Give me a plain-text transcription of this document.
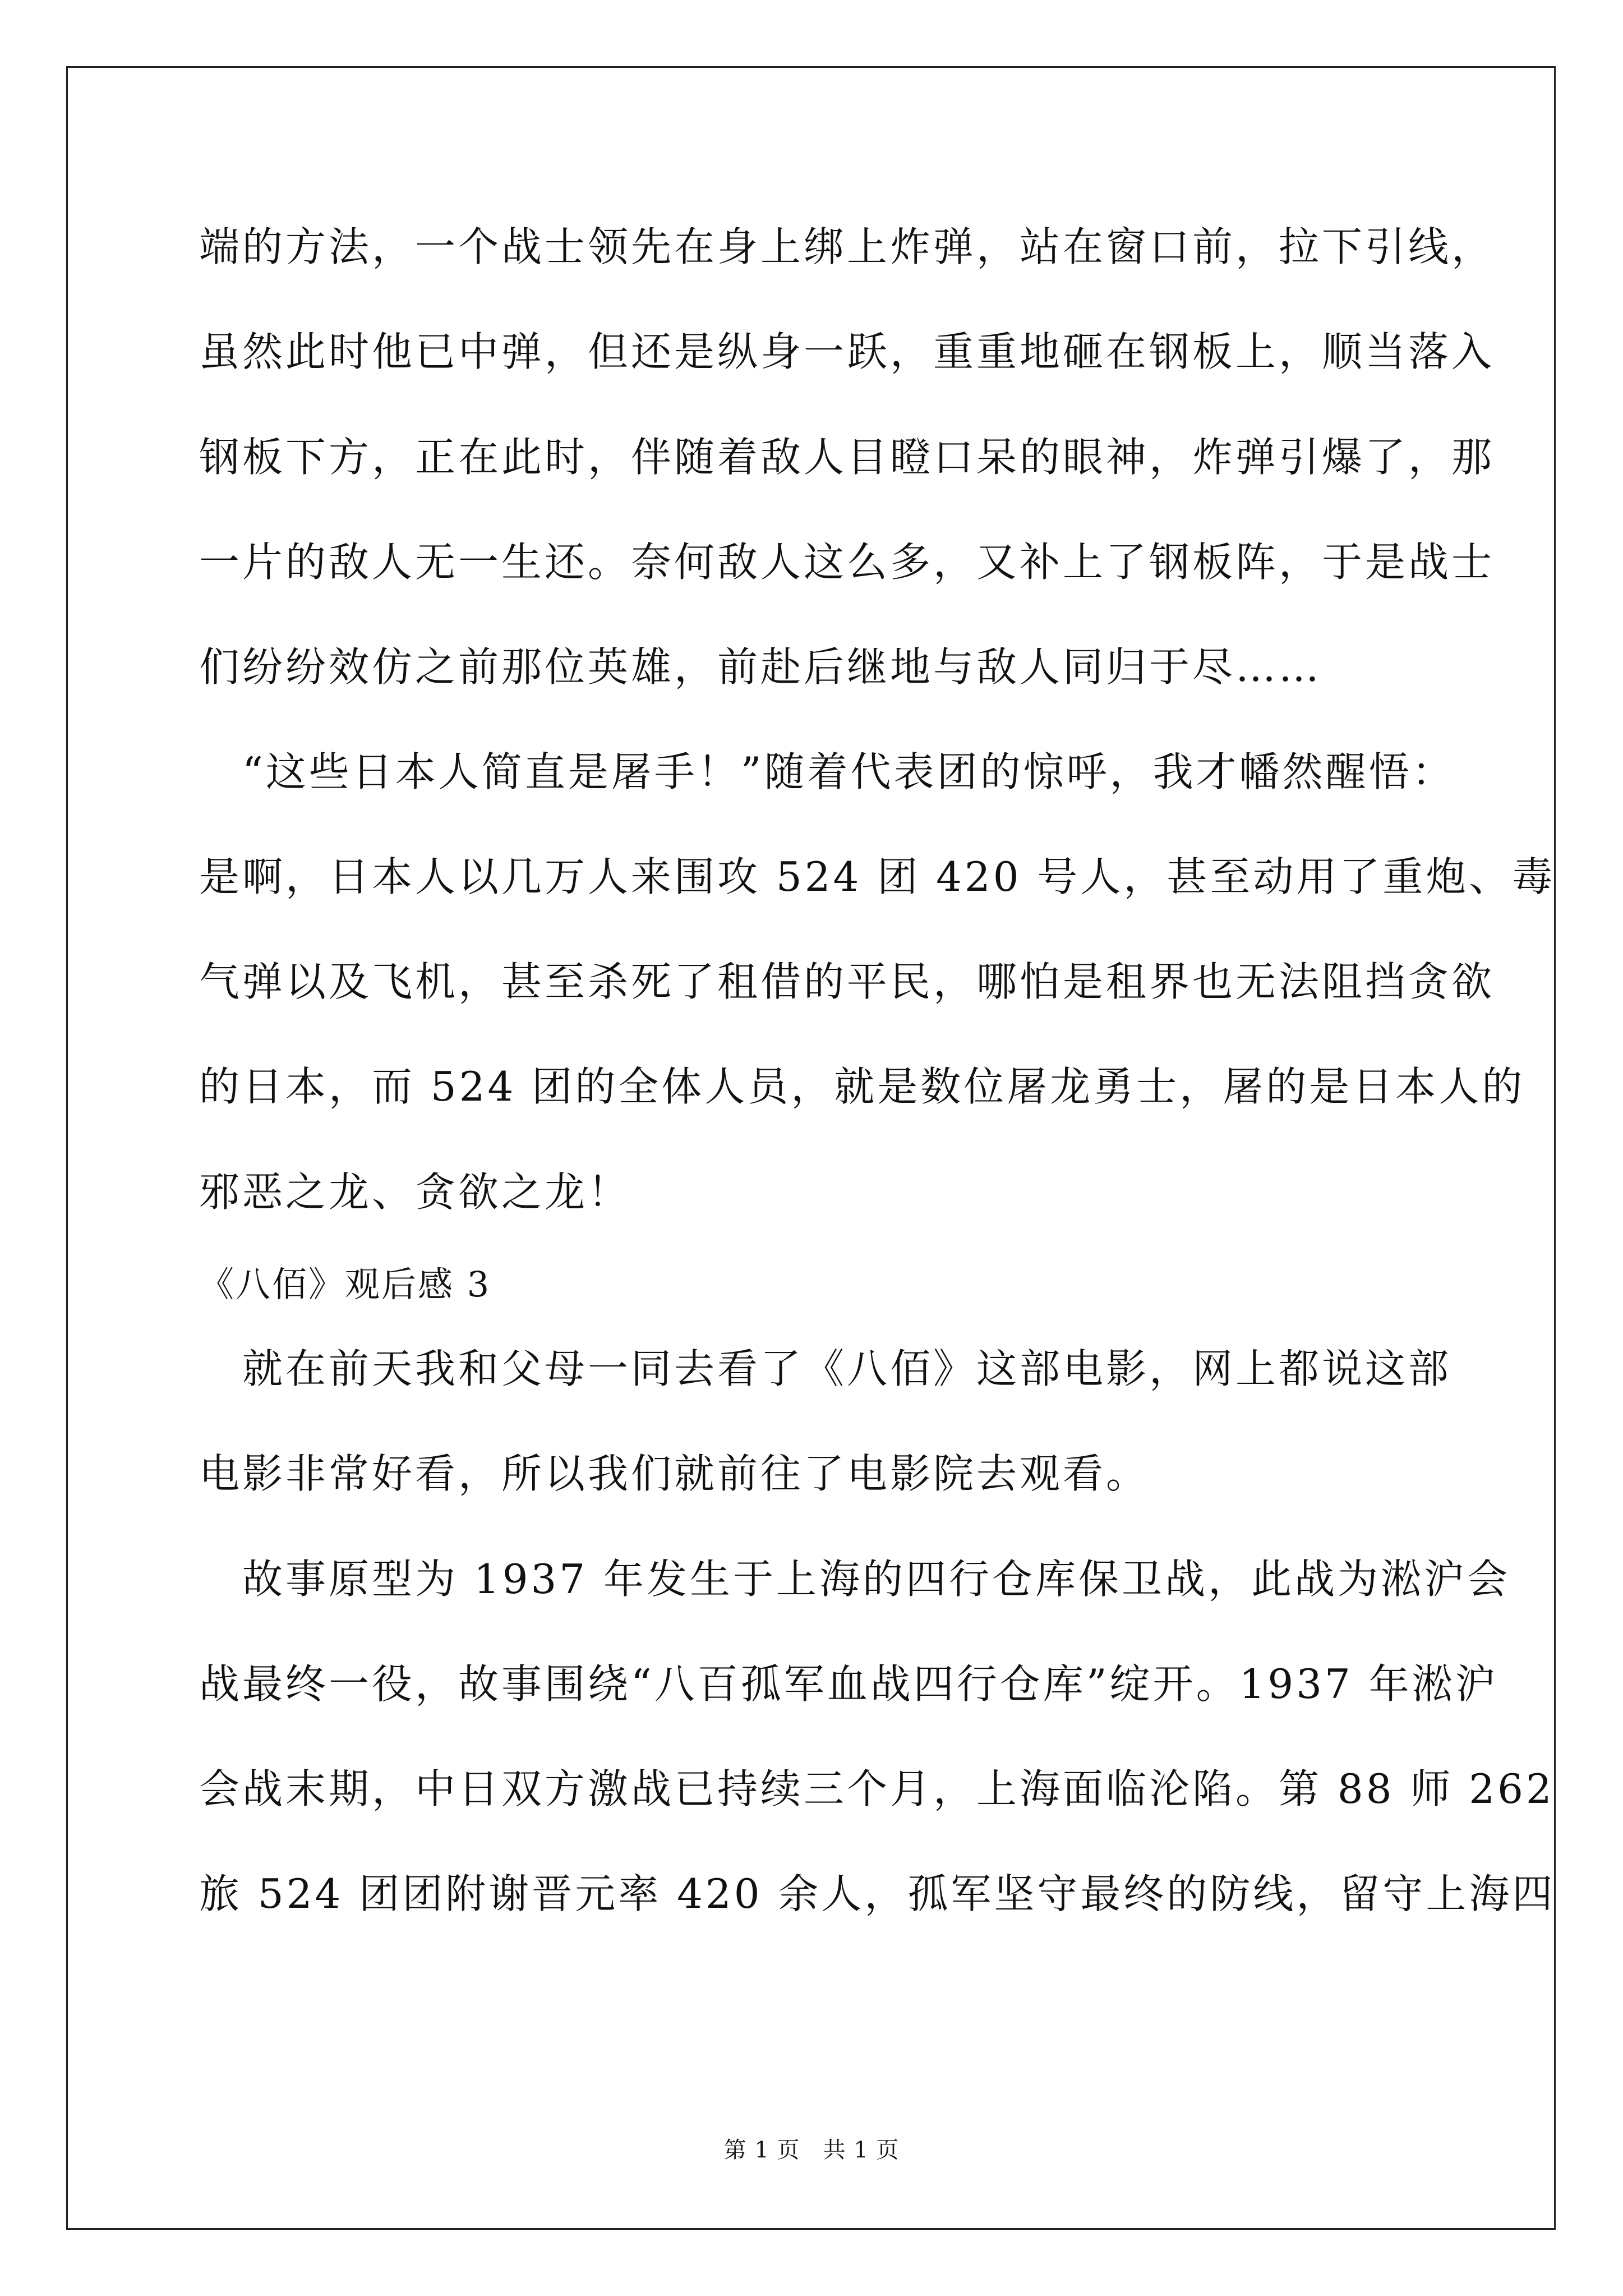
端的方法，一个战士领先在身上绑上炸弹，站在窗口前，拉下引线，
虽然此时他已中弹，但还是纵身一跃，重重地砸在钢板上，顺当落入
钢板下方，正在此时，伴随着敌人目瞪口呆的眼神，炸弹引爆了，那
一片的敌人无一生还。奈何敌人这么多，又补上了钢板阵，于是战士
们纷纷效仿之前那位英雄，前赴后继地与敌人同归于尽……
　“这些日本人简直是屠手！”随着代表团的惊呼，我才幡然醒悟：
是啊，日本人以几万人来围攻 524 团 420 号人，甚至动用了重炮、毒
气弹以及飞机，甚至杀死了租借的平民，哪怕是租界也无法阻挡贪欲
的日本，而 524 团的全体人员，就是数位屠龙勇士，屠的是日本人的
邪恶之龙、贪欲之龙！
《八佰》观后感 3
　就在前天我和父母一同去看了《八佰》这部电影，网上都说这部
电影非常好看，所以我们就前往了电影院去观看。
　故事原型为 1937 年发生于上海的四行仓库保卫战，此战为淞沪会
战最终一役，故事围绕“八百孤军血战四行仓库”绽开。1937 年淞沪
会战末期，中日双方激战已持续三个月，上海面临沦陷。第 88 师 262
旅 524 团团附谢晋元率 420 余人，孤军坚守最终的防线，留守上海四
第 1 页　共 1 页
